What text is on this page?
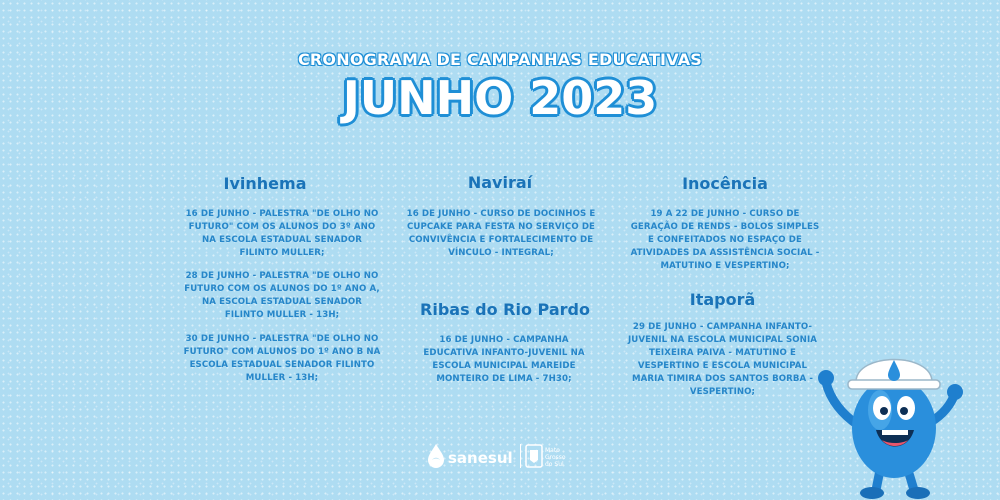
CRONOGRAMA DE CAMPANHAS EDUCATIVAS
JUNHO 2023
Ivinhema
16 DE JUNHO - PALESTRA "DE OLHO NO FUTURO" COM OS ALUNOS DO 3º ANO NA ESCOLA ESTADUAL SENADOR FILINTO MULLER;
28 DE JUNHO - PALESTRA "DE OLHO NO FUTURO COM OS ALUNOS DO 1º ANO A, NA ESCOLA ESTADUAL SENADOR FILINTO MULLER - 13H;
30 DE JUNHO - PALESTRA "DE OLHO NO FUTURO" COM ALUNOS DO 1º ANO B NA ESCOLA ESTADUAL SENADOR FILINTO MULLER - 13H;
Naviraí
16 DE JUNHO - CURSO DE DOCINHOS E CUPCAKE PARA FESTA NO SERVIÇO DE CONVIVÊNCIA E FORTALECIMENTO DE VÍNCULO - INTEGRAL;
Ribas do Rio Pardo
16 DE JUNHO - CAMPANHA EDUCATIVA INFANTO-JUVENIL NA ESCOLA MUNICIPAL MAREIDE MONTEIRO DE LIMA - 7H30;
Inocência
19 A 22 DE JUNHO - CURSO DE GERAÇÃO DE RENDS - BOLOS SIMPLES E CONFEITADOS NO ESPAÇO DE ATIVIDADES DA ASSISTÊNCIA SOCIAL - MATUTINO E VESPERTINO;
Itaporã
29 DE JUNHO - CAMPANHA INFANTO-JUVENIL NA ESCOLA MUNICIPAL SONIA TEIXEIRA PAIVA - MATUTINO E VESPERTINO E ESCOLA MUNICIPAL MARIA TIMIRA DOS SANTOS BORBA - VESPERTINO;
sanesul	Mato
Grosso
do Sul
